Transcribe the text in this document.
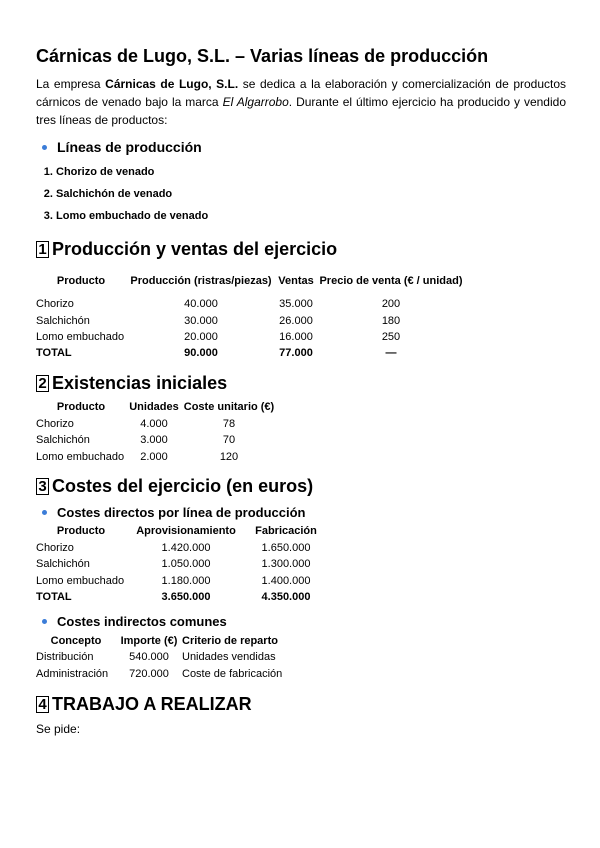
Cárnicas de Lugo, S.L. – Varias líneas de producción

La empresa Cárnicas de Lugo, S.L. se dedica a la elaboración y comercialización de productos cárnicos de venado bajo la marca El Algarrobo. Durante el último ejercicio ha producido y vendido tres líneas de productos:

Líneas de producción
1. Chorizo de venado
2. Salchichón de venado
3. Lomo embuchado de venado
1 Producción y ventas del ejercicio
Producto	Producción (ristras/piezas)	Ventas	Precio de venta (€ / unidad)
Chorizo	40.000	35.000	200
Salchichón	30.000	26.000	180
Lomo embuchado	20.000	16.000	250
TOTAL	90.000	77.000	—
2 Existencias iniciales
Producto	Unidades	Coste unitario (€)
Chorizo	4.000	78
Salchichón	3.000	70
Lomo embuchado	2.000	120
3 Costes del ejercicio (en euros)
Costes directos por línea de producción
Producto	Aprovisionamiento	Fabricación
Chorizo	1.420.000	1.650.000
Salchichón	1.050.000	1.300.000
Lomo embuchado	1.180.000	1.400.000
TOTAL	3.650.000	4.350.000
Costes indirectos comunes
Concepto	Importe (€)	Criterio de reparto
Distribución	540.000	Unidades vendidas
Administración	720.000	Coste de fabricación
4 TRABAJO A REALIZAR
Se pide:
